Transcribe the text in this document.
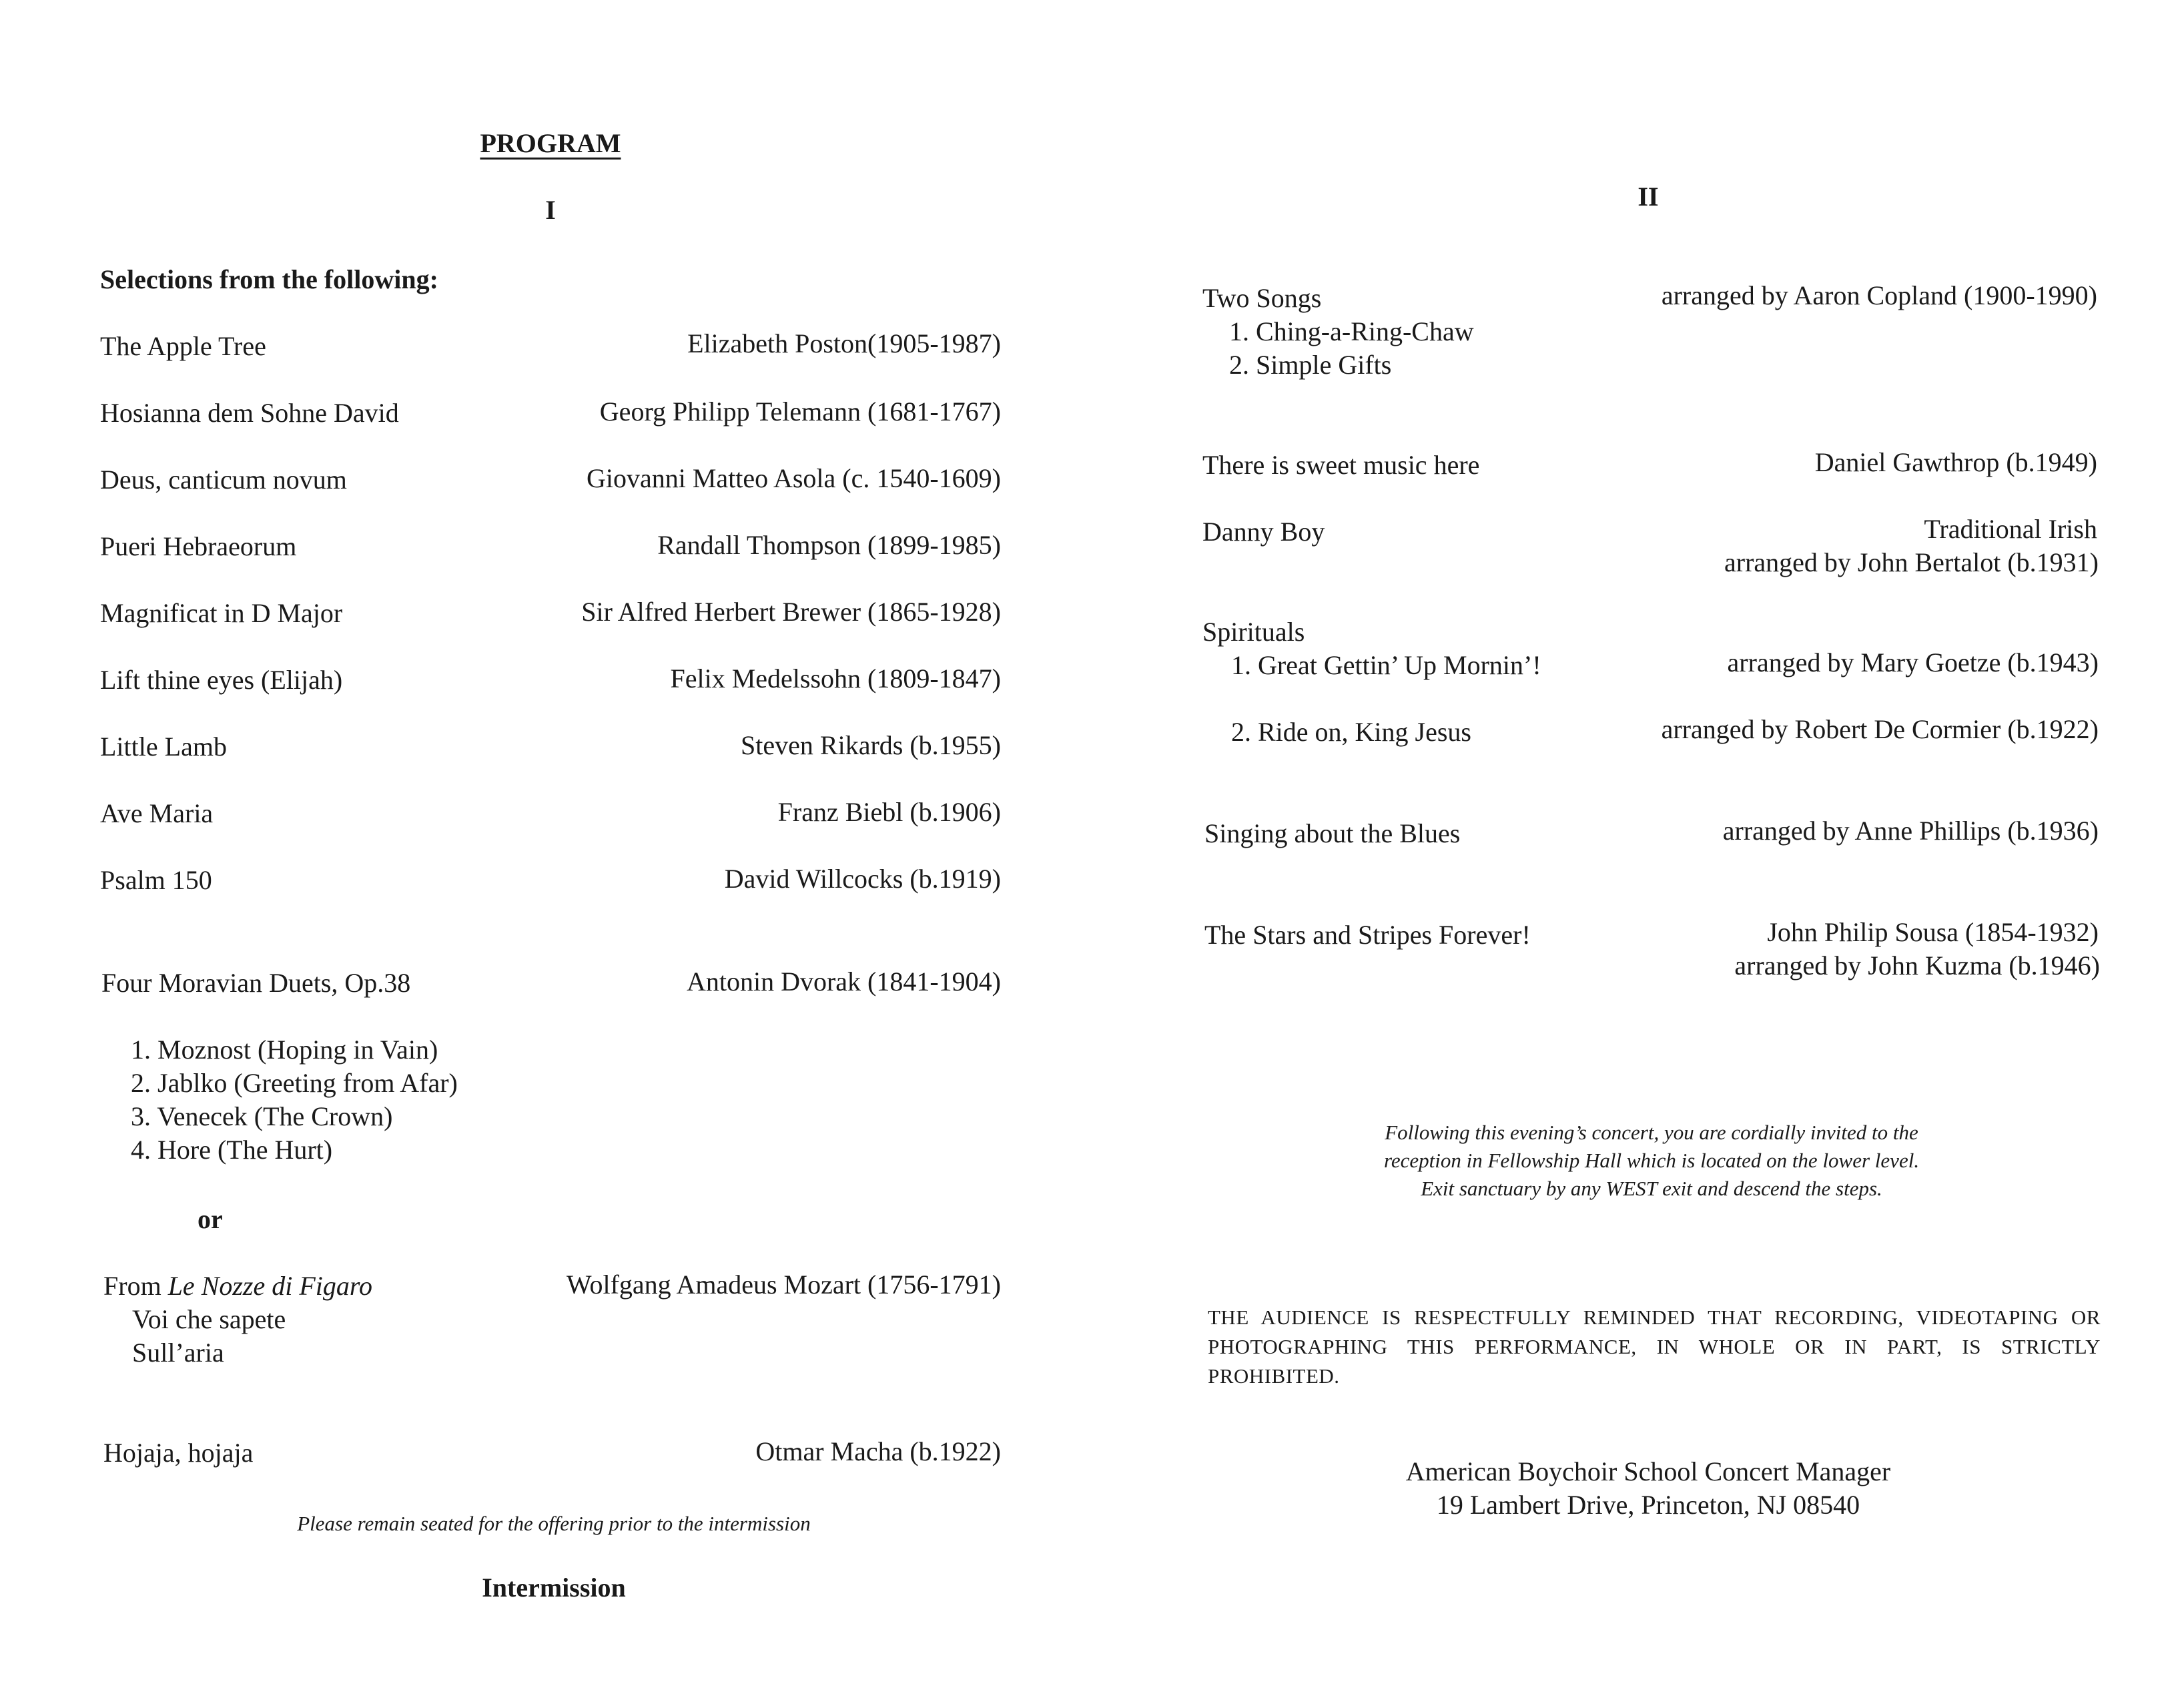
PROGRAM
I
Selections from the following:
The Apple Tree	Elizabeth Poston(1905-1987)
Hosianna dem Sohne David	Georg Philipp Telemann (1681-1767)
Deus, canticum novum	Giovanni Matteo Asola (c. 1540-1609)
Pueri Hebraeorum	Randall Thompson (1899-1985)
Magnificat in D Major	Sir Alfred Herbert Brewer (1865-1928)
Lift thine eyes (Elijah)	Felix Medelssohn (1809-1847)
Little Lamb	Steven Rikards (b.1955)
Ave Maria	Franz Biebl (b.1906)
Psalm 150	David Willcocks (b.1919)
Four Moravian Duets, Op.38	Antonin Dvorak (1841-1904)
1. Moznost (Hoping in Vain)
2. Jablko (Greeting from Afar)
3. Venecek (The Crown)
4. Hore (The Hurt)
or
From Le Nozze di Figaro	Wolfgang Amadeus Mozart (1756-1791)
Voi che sapete
Sull’aria
Hojaja, hojaja	Otmar Macha (b.1922)
Please remain seated for the offering prior to the intermission
Intermission
II
Two Songs	arranged by Aaron Copland (1900-1990)
1. Ching-a-Ring-Chaw
2. Simple Gifts
There is sweet music here	Daniel Gawthrop (b.1949)
Danny Boy	Traditional Irish
arranged by John Bertalot (b.1931)
Spirituals
1. Great Gettin’ Up Mornin’!	arranged by Mary Goetze (b.1943)
2. Ride on, King Jesus	arranged by Robert De Cormier (b.1922)
Singing about the Blues	arranged by Anne Phillips (b.1936)
The Stars and Stripes Forever!	John Philip Sousa (1854-1932)
arranged by John Kuzma (b.1946)
Following this evening’s concert, you are cordially invited to the
reception in Fellowship Hall which is located on the lower level.
Exit sanctuary by any WEST exit and descend the steps.
THE AUDIENCE IS RESPECTFULLY REMINDED THAT RECORDING, VIDEOTAPING OR PHOTOGRAPHING THIS PERFORMANCE, IN WHOLE OR IN PART, IS STRICTLY PROHIBITED.
American Boychoir School Concert Manager
19 Lambert Drive, Princeton, NJ 08540
